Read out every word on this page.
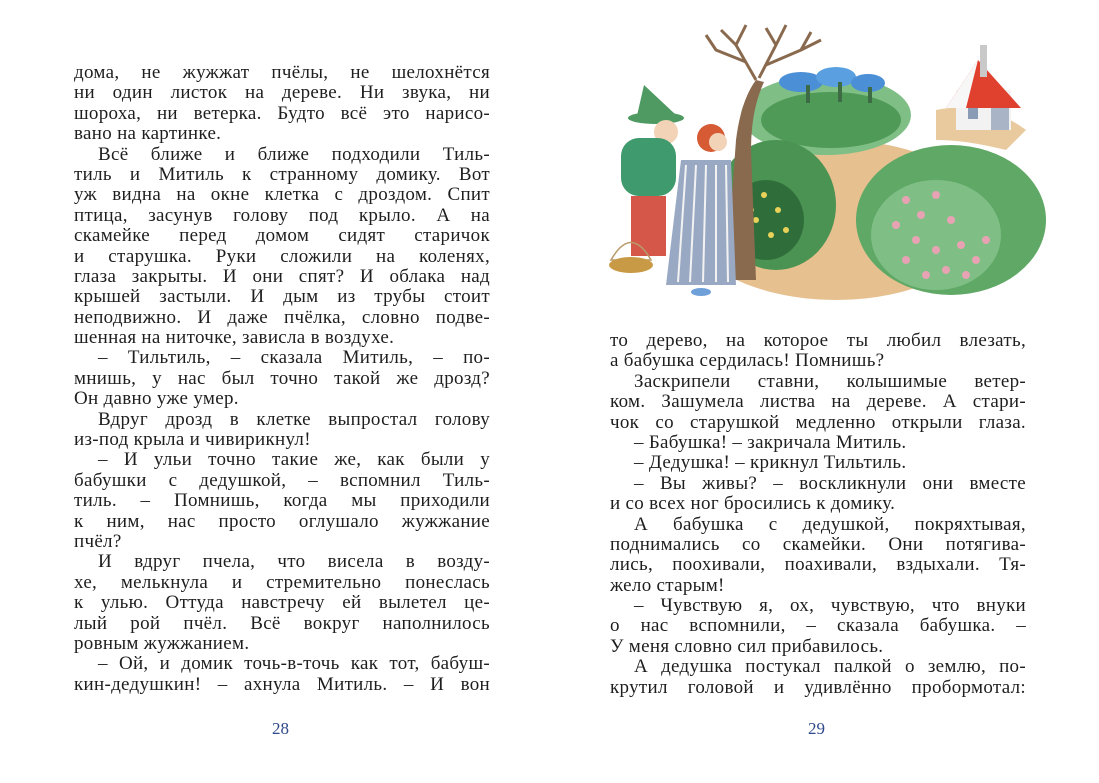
дома, не жужжат пчёлы, не шелохнётся
ни один листок на дереве. Ни звука, ни
шороха, ни ветерка. Будто всё это нарисо-
вано на картинке.
Всё ближе и ближе подходили Тиль-
тиль и Митиль к странному домику. Вот
уж видна на окне клетка с дроздом. Спит
птица, засунув голову под крыло. А на
скамейке перед домом сидят старичок
и старушка. Руки сложили на коленях,
глаза закрыты. И они спят? И облака над
крышей застыли. И дым из трубы стоит
неподвижно. И даже пчёлка, словно подве-
шенная на ниточке, зависла в воздухе.
– Тильтиль, – сказала Митиль, – по-
мнишь, у нас был точно такой же дрозд?
Он давно уже умер.
Вдруг дрозд в клетке выпростал голову
из-под крыла и чивирикнул!
– И ульи точно такие же, как были у
бабушки с дедушкой, – вспомнил Тиль-
тиль. – Помнишь, когда мы приходили
к ним, нас просто оглушало жужжание
пчёл?
И вдруг пчела, что висела в возду-
хе, мелькнула и стремительно понеслась
к улью. Оттуда навстречу ей вылетел це-
лый рой пчёл. Всё вокруг наполнилось
ровным жужжанием.
– Ой, и домик точь-в-точь как тот, бабуш-
кин-дедушкин! – ахнула Митиль. – И вон
28
то дерево, на которое ты любил влезать,
а бабушка сердилась! Помнишь?
Заскрипели ставни, колышимые ветер-
ком. Зашумела листва на дереве. А стари-
чок со старушкой медленно открыли глаза.
– Бабушка! – закричала Митиль.
– Дедушка! – крикнул Тильтиль.
– Вы живы? – воскликнули они вместе
и со всех ног бросились к домику.
А бабушка с дедушкой, покряхтывая,
поднимались со скамейки. Они потягива-
лись, поохивали, поахивали, вздыхали. Тя-
жело старым!
– Чувствую я, ох, чувствую, что внуки
о нас вспомнили, – сказала бабушка. –
У меня словно сил прибавилось.
А дедушка постукал палкой о землю, по-
крутил головой и удивлённо пробормотал:
29
